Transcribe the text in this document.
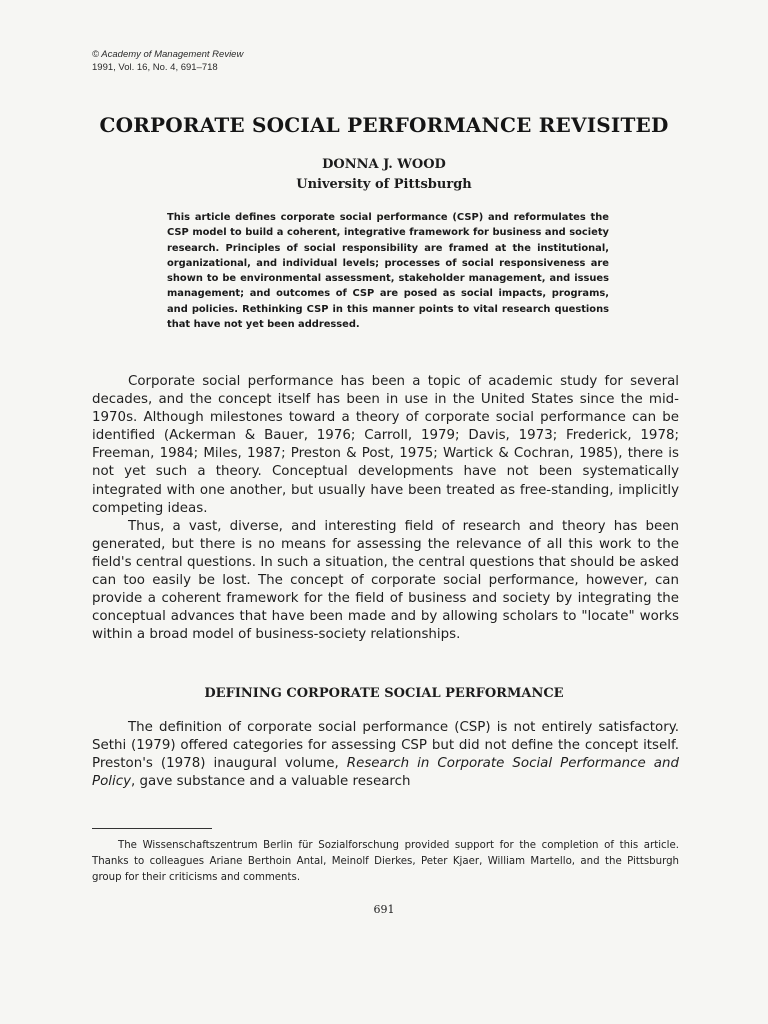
© Academy of Management Review
1991, Vol. 16, No. 4, 691–718
CORPORATE SOCIAL PERFORMANCE REVISITED
DONNA J. WOOD
University of Pittsburgh
This article defines corporate social performance (CSP) and reformulates the CSP model to build a coherent, integrative framework for business and society research. Principles of social responsibility are framed at the institutional, organizational, and individual levels; processes of social responsiveness are shown to be environmental assessment, stakeholder management, and issues management; and outcomes of CSP are posed as social impacts, programs, and policies. Rethinking CSP in this manner points to vital research questions that have not yet been addressed.

Corporate social performance has been a topic of academic study for several decades, and the concept itself has been in use in the United States since the mid-1970s. Although milestones toward a theory of corporate social performance can be identified (Ackerman & Bauer, 1976; Carroll, 1979; Davis, 1973; Frederick, 1978; Freeman, 1984; Miles, 1987; Preston & Post, 1975; Wartick & Cochran, 1985), there is not yet such a theory. Conceptual developments have not been systematically integrated with one another, but usually have been treated as free-standing, implicitly competing ideas.

Thus, a vast, diverse, and interesting field of research and theory has been generated, but there is no means for assessing the relevance of all this work to the field's central questions. In such a situation, the central questions that should be asked can too easily be lost. The concept of corporate social performance, however, can provide a coherent framework for the field of business and society by integrating the conceptual advances that have been made and by allowing scholars to "locate" works within a broad model of business-society relationships.

DEFINING CORPORATE SOCIAL PERFORMANCE

The definition of corporate social performance (CSP) is not entirely satisfactory. Sethi (1979) offered categories for assessing CSP but did not define the concept itself. Preston's (1978) inaugural volume, Research in Corporate Social Performance and Policy, gave substance and a valuable research

The Wissenschaftszentrum Berlin für Sozialforschung provided support for the completion of this article. Thanks to colleagues Ariane Berthoin Antal, Meinolf Dierkes, Peter Kjaer, William Martello, and the Pittsburgh group for their criticisms and comments.

691
